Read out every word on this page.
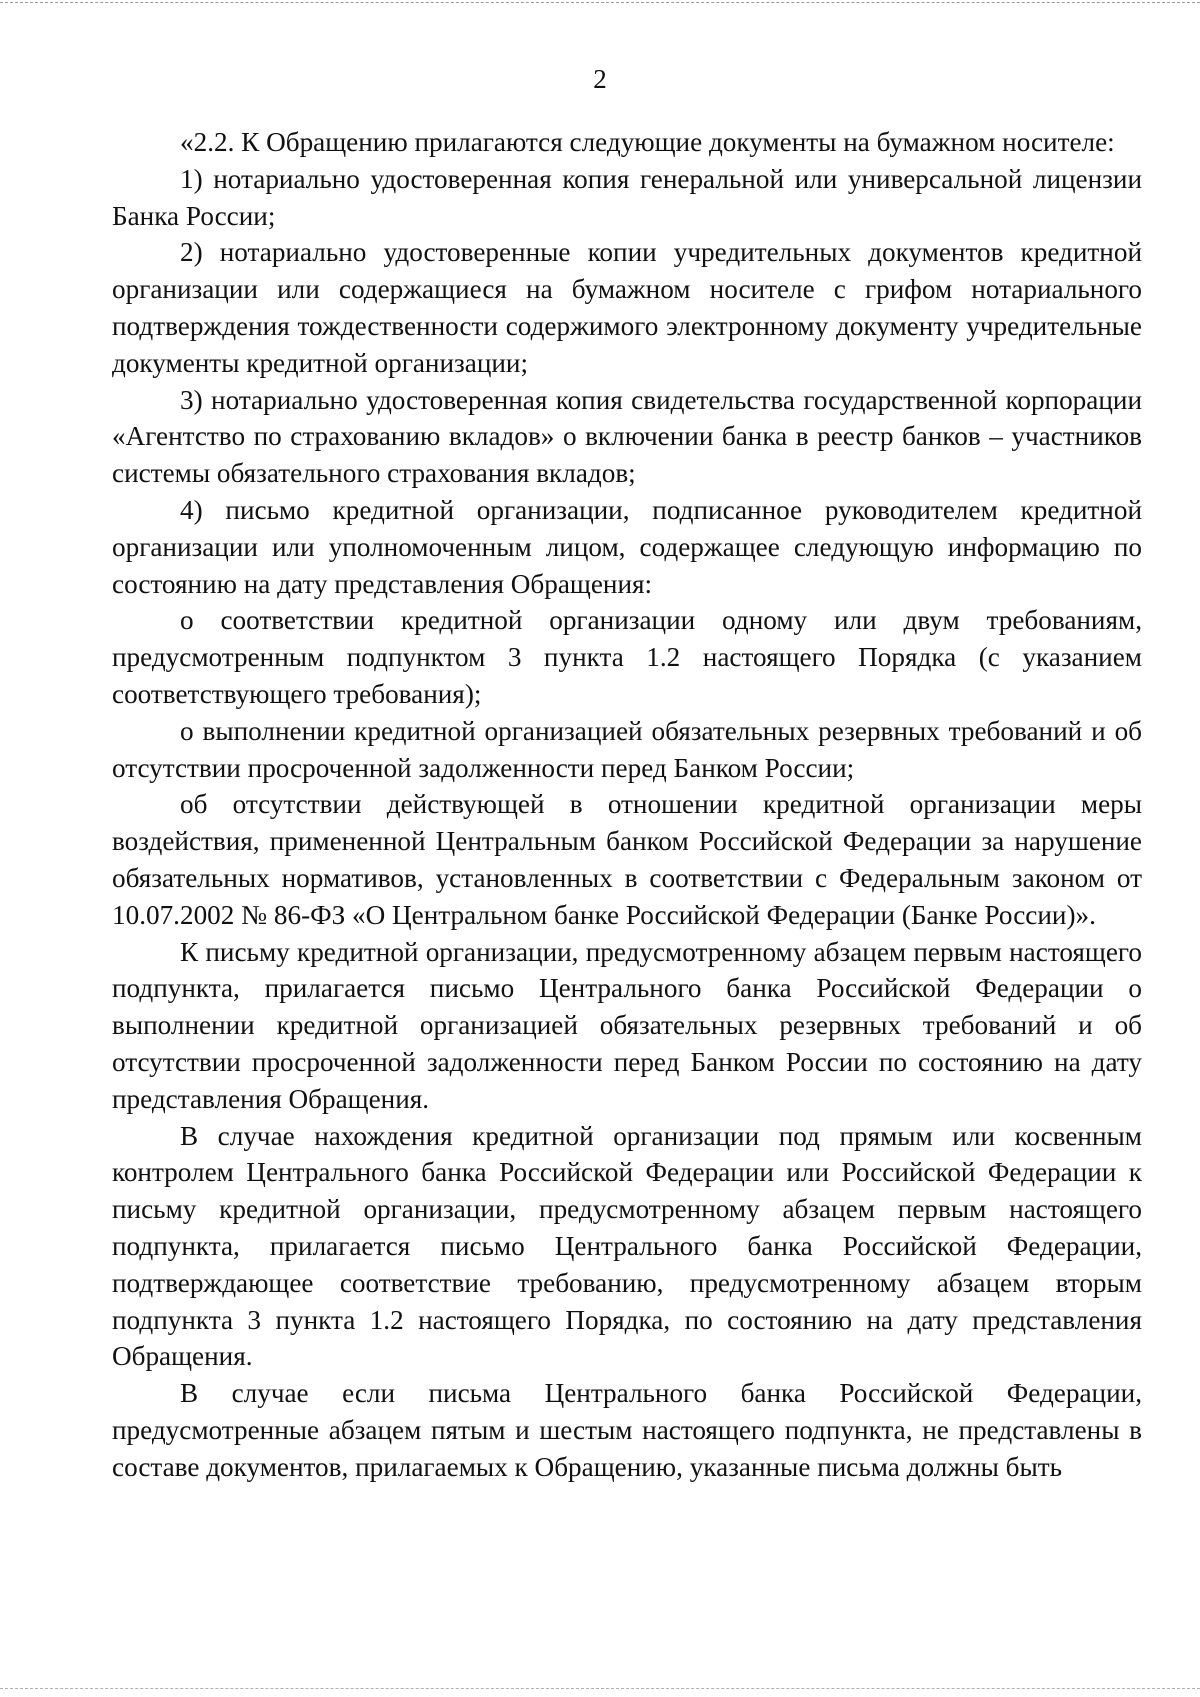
2

«2.2. К Обращению прилагаются следующие документы на бумажном носителе:

1) нотариально удостоверенная копия генеральной или универсальной лицензии Банка России;

2) нотариально удостоверенные копии учредительных документов кредитной организации или содержащиеся на бумажном носителе с грифом нотариального подтверждения тождественности содержимого электронному документу учредительные документы кредитной организации;

3) нотариально удостоверенная копия свидетельства государственной корпорации «Агентство по страхованию вкладов» о включении банка в реестр банков – участников системы обязательного страхования вкладов;

4) письмо кредитной организации, подписанное руководителем кредитной организации или уполномоченным лицом, содержащее следующую информацию по состоянию на дату представления Обращения:

о соответствии кредитной организации одному или двум требованиям, предусмотренным подпунктом 3 пункта 1.2 настоящего Порядка (с указанием соответствующего требования);

о выполнении кредитной организацией обязательных резервных требований и об отсутствии просроченной задолженности перед Банком России;

об отсутствии действующей в отношении кредитной организации меры воздействия, примененной Центральным банком Российской Федерации за нарушение обязательных нормативов, установленных в соответствии с Федеральным законом от 10.07.2002 № 86-ФЗ «О Центральном банке Российской Федерации (Банке России)».

К письму кредитной организации, предусмотренному абзацем первым настоящего подпункта, прилагается письмо Центрального банка Российской Федерации о выполнении кредитной организацией обязательных резервных требований и об отсутствии просроченной задолженности перед Банком России по состоянию на дату представления Обращения.

В случае нахождения кредитной организации под прямым или косвенным контролем Центрального банка Российской Федерации или Российской Федерации к письму кредитной организации, предусмотренному абзацем первым настоящего подпункта, прилагается письмо Центрального банка Российской Федерации, подтверждающее соответствие требованию, предусмотренному абзацем вторым подпункта 3 пункта 1.2 настоящего Порядка, по состоянию на дату представления Обращения.

В случае если письма Центрального банка Российской Федерации, предусмотренные абзацем пятым и шестым настоящего подпункта, не представлены в составе документов, прилагаемых к Обращению, указанные письма должны быть
